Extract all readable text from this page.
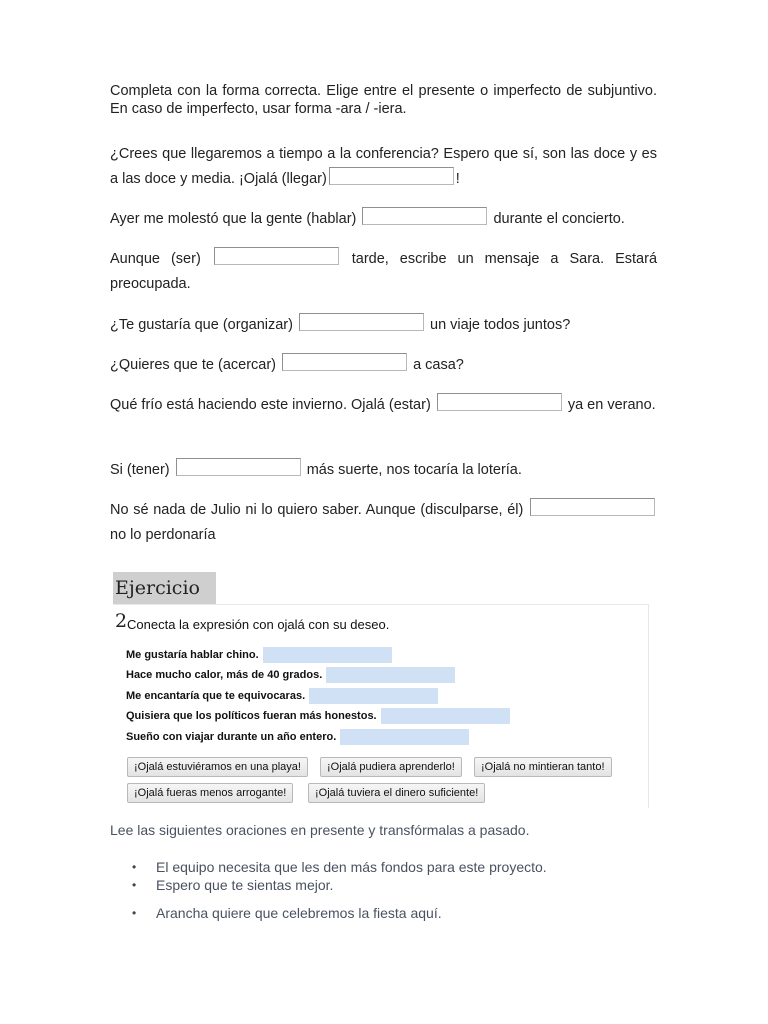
Completa con la forma correcta. Elige entre el presente o imperfecto de subjuntivo. En caso de imperfecto, usar forma -ara / -iera.
¿Crees que llegaremos a tiempo a la conferencia? Espero que sí, son las doce y es a las doce y media. ¡Ojalá (llegar)	!
Ayer me molestó que la gente (hablar)	durante el concierto.
Aunque (ser)	tarde, escribe un mensaje a Sara. Estará preocupada.
¿Te gustaría que (organizar)	un viaje todos juntos?
¿Quieres que te (acercar)	a casa?
Qué frío está haciendo este invierno. Ojalá (estar)	ya en verano.
Si (tener)	más suerte, nos tocaría la lotería.
No sé nada de Julio ni lo quiero saber. Aunque (disculparse, él)  no lo perdonaría
Ejercicio 2 Conecta la expresión con ojalá con su deseo.
Me gustaría hablar chino.
Hace mucho calor, más de 40 grados.
Me encantaría que te equivocaras.
Quisiera que los políticos fueran más honestos.
Sueño con viajar durante un año entero.
¡Ojalá estuviéramos en una playa!	¡Ojalá pudiera aprenderlo!	¡Ojalá no mintieran tanto!
¡Ojalá fueras menos arrogante!	¡Ojalá tuviera el dinero suficiente!
Lee las siguientes oraciones en presente y transfórmalas a pasado.
• El equipo necesita que les den más fondos para este proyecto.
• Espero que te sientas mejor.
• Arancha quiere que celebremos la fiesta aquí.
